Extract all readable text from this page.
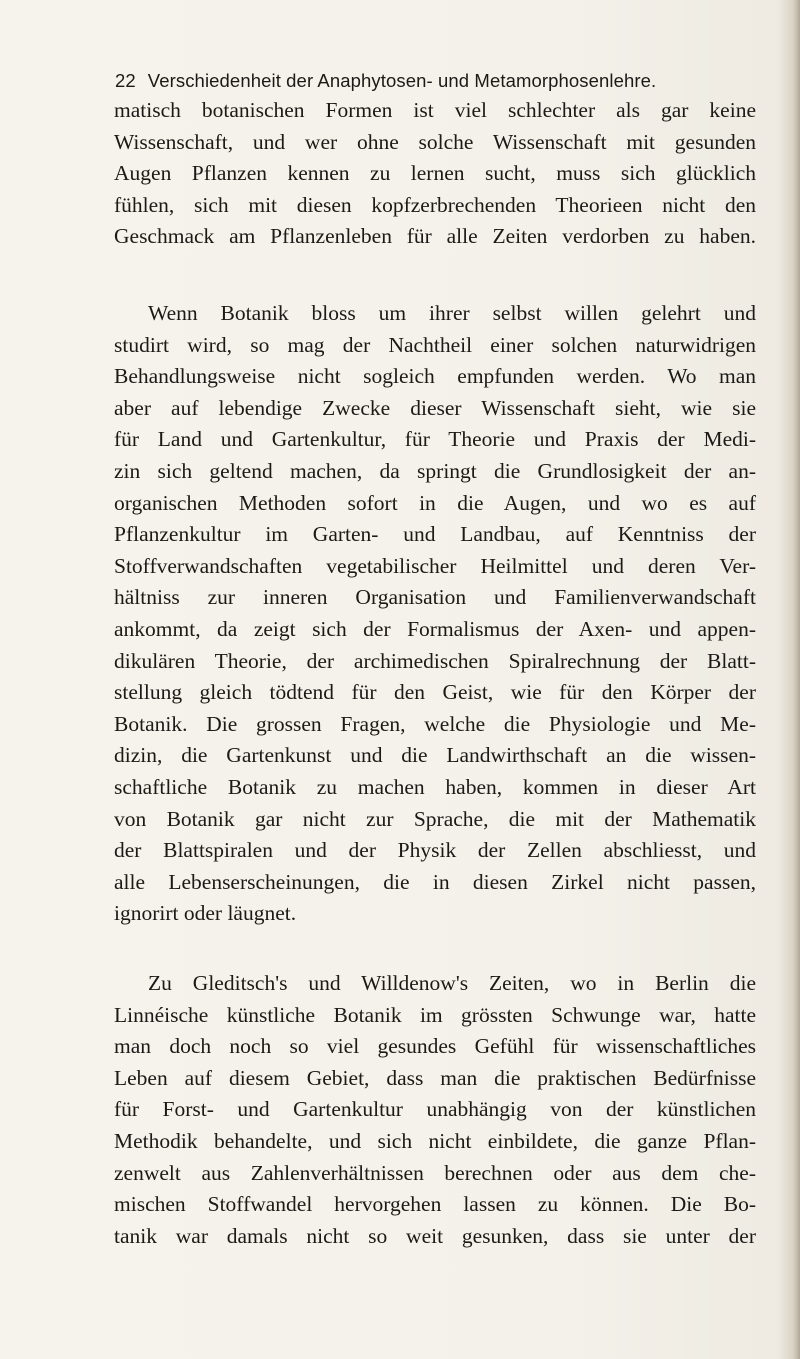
22 Verschiedenheit der Anaphytosen- und Metamorphosenlehre.
matisch botanischen Formen ist viel schlechter als gar keine
Wissenschaft, und wer ohne solche Wissenschaft mit gesunden
Augen Pflanzen kennen zu lernen sucht, muss sich glücklich
fühlen, sich mit diesen kopfzerbrechenden Theorieen nicht den
Geschmack am Pflanzenleben für alle Zeiten verdorben zu haben.
Wenn Botanik bloss um ihrer selbst willen gelehrt und
studirt wird, so mag der Nachtheil einer solchen naturwidrigen
Behandlungsweise nicht sogleich empfunden werden. Wo man
aber auf lebendige Zwecke dieser Wissenschaft sieht, wie sie
für Land und Gartenkultur, für Theorie und Praxis der Medi-
zin sich geltend machen, da springt die Grundlosigkeit der an-
organischen Methoden sofort in die Augen, und wo es auf
Pflanzenkultur im Garten- und Landbau, auf Kenntniss der
Stoffverwandschaften vegetabilischer Heilmittel und deren Ver-
hältniss zur inneren Organisation und Familienverwandschaft
ankommt, da zeigt sich der Formalismus der Axen- und appen-
dikulären Theorie, der archimedischen Spiralrechnung der Blatt-
stellung gleich tödtend für den Geist, wie für den Körper der
Botanik. Die grossen Fragen, welche die Physiologie und Me-
dizin, die Gartenkunst und die Landwirthschaft an die wissen-
schaftliche Botanik zu machen haben, kommen in dieser Art
von Botanik gar nicht zur Sprache, die mit der Mathematik
der Blattspiralen und der Physik der Zellen abschliesst, und
alle Lebenserscheinungen, die in diesen Zirkel nicht passen,
ignorirt oder läugnet.
Zu Gleditsch's und Willdenow's Zeiten, wo in Berlin die
Linnéische künstliche Botanik im grössten Schwunge war, hatte
man doch noch so viel gesundes Gefühl für wissenschaftliches
Leben auf diesem Gebiet, dass man die praktischen Bedürfnisse
für Forst- und Gartenkultur unabhängig von der künstlichen
Methodik behandelte, und sich nicht einbildete, die ganze Pflan-
zenwelt aus Zahlenverhältnissen berechnen oder aus dem che-
mischen Stoffwandel hervorgehen lassen zu können. Die Bo-
tanik war damals nicht so weit gesunken, dass sie unter der
